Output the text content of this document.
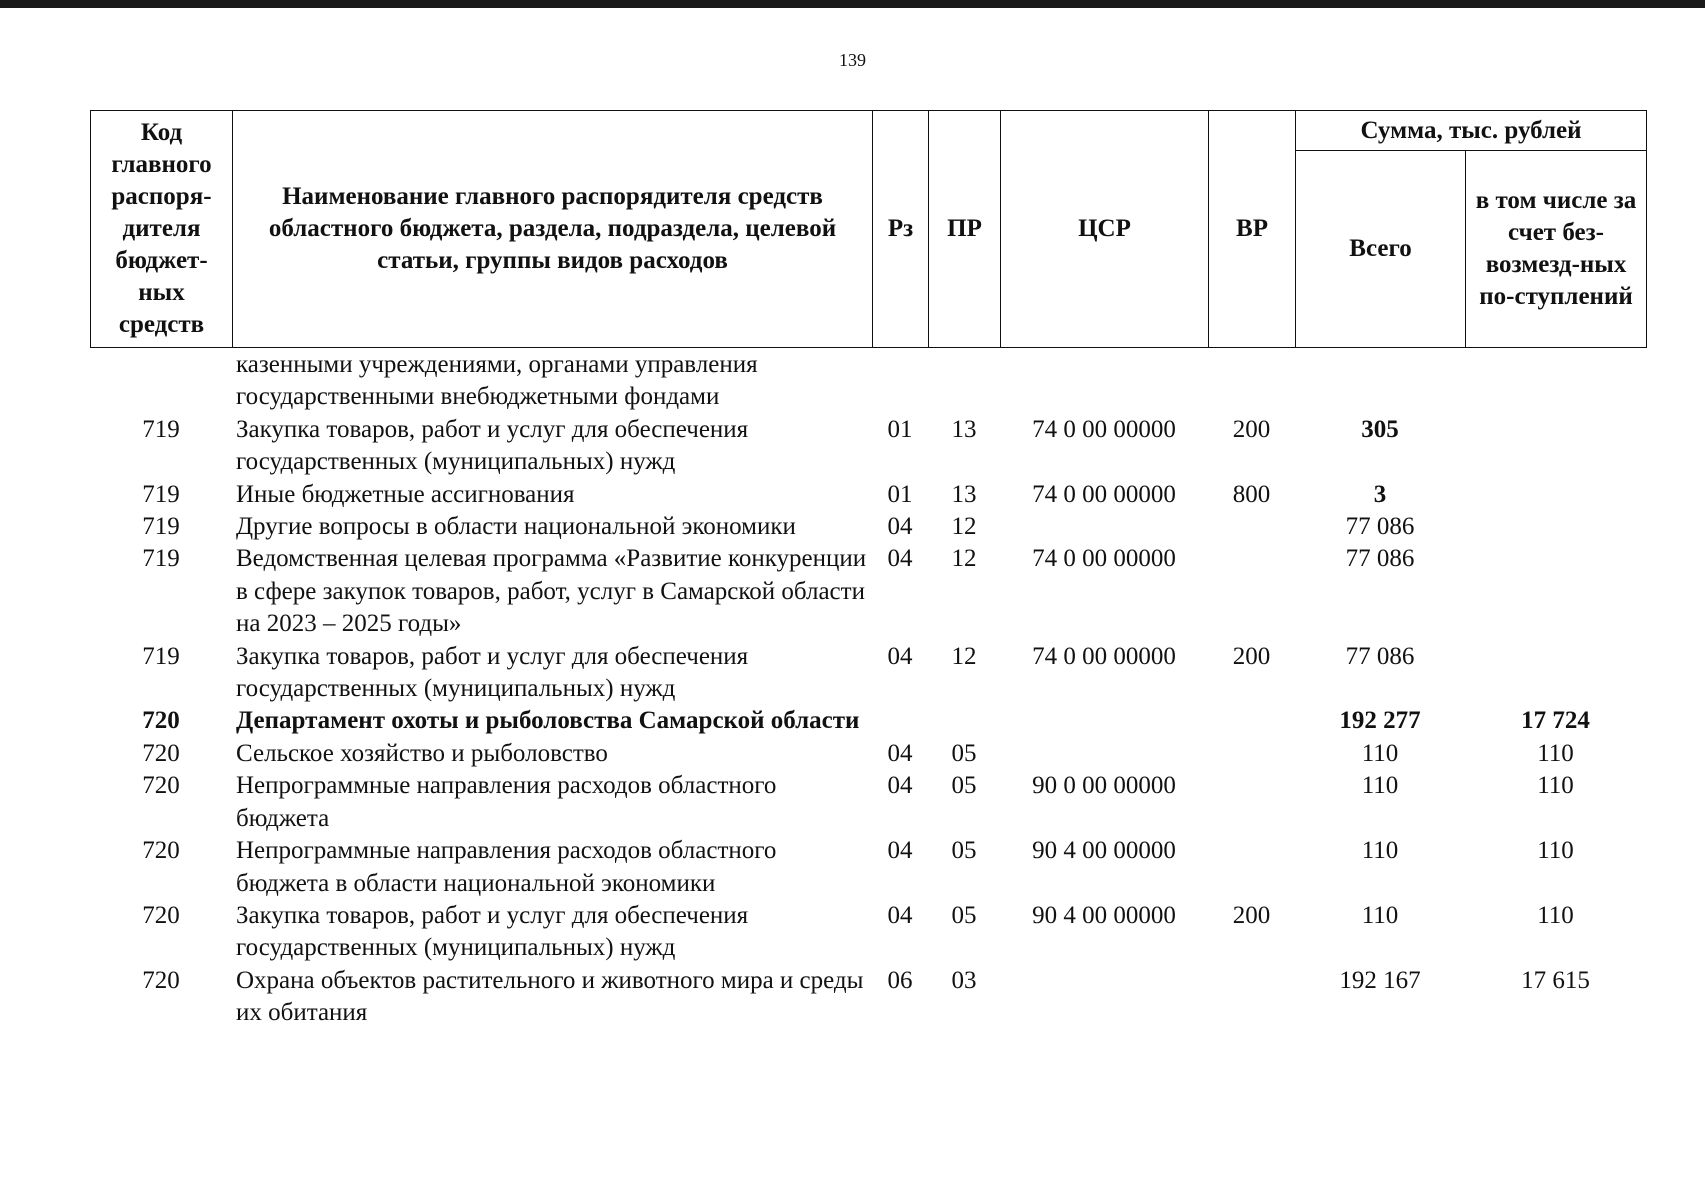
139
Код главного распоря-дителя бюджет-ных средств	Наименование главного распорядителя средств областного бюджета, раздела, подраздела, целевой статьи, группы видов расходов	Рз	ПР	ЦСР	ВР	Сумма, тыс. рублей	
						Всего	в том числе за счет без-возмезд-ных по-ступлений
	казенными учреждениями, органами управления государственными внебюджетными фондами						
719	Закупка товаров, работ и услуг для обеспечения государственных (муниципальных) нужд	01	13	74 0 00 00000	200	305	
719	Иные бюджетные ассигнования	01	13	74 0 00 00000	800	3	
719	Другие вопросы в области национальной экономики	04	12			77 086	
719	Ведомственная целевая программа «Развитие конкуренции в сфере закупок товаров, работ, услуг в Самарской области на 2023 – 2025 годы»	04	12	74 0 00 00000		77 086	
719	Закупка товаров, работ и услуг для обеспечения государственных (муниципальных) нужд	04	12	74 0 00 00000	200	77 086	
720	Департамент охоты и рыболовства Самарской области					192 277	17 724
720	Сельское хозяйство и рыболовство	04	05			110	110
720	Непрограммные направления расходов областного бюджета	04	05	90 0 00 00000		110	110
720	Непрограммные направления расходов областного бюджета в области национальной экономики	04	05	90 4 00 00000		110	110
720	Закупка товаров, работ и услуг для обеспечения государственных (муниципальных) нужд	04	05	90 4 00 00000	200	110	110
720	Охрана объектов растительного и животного мира и среды их обитания	06	03			192 167	17 615
